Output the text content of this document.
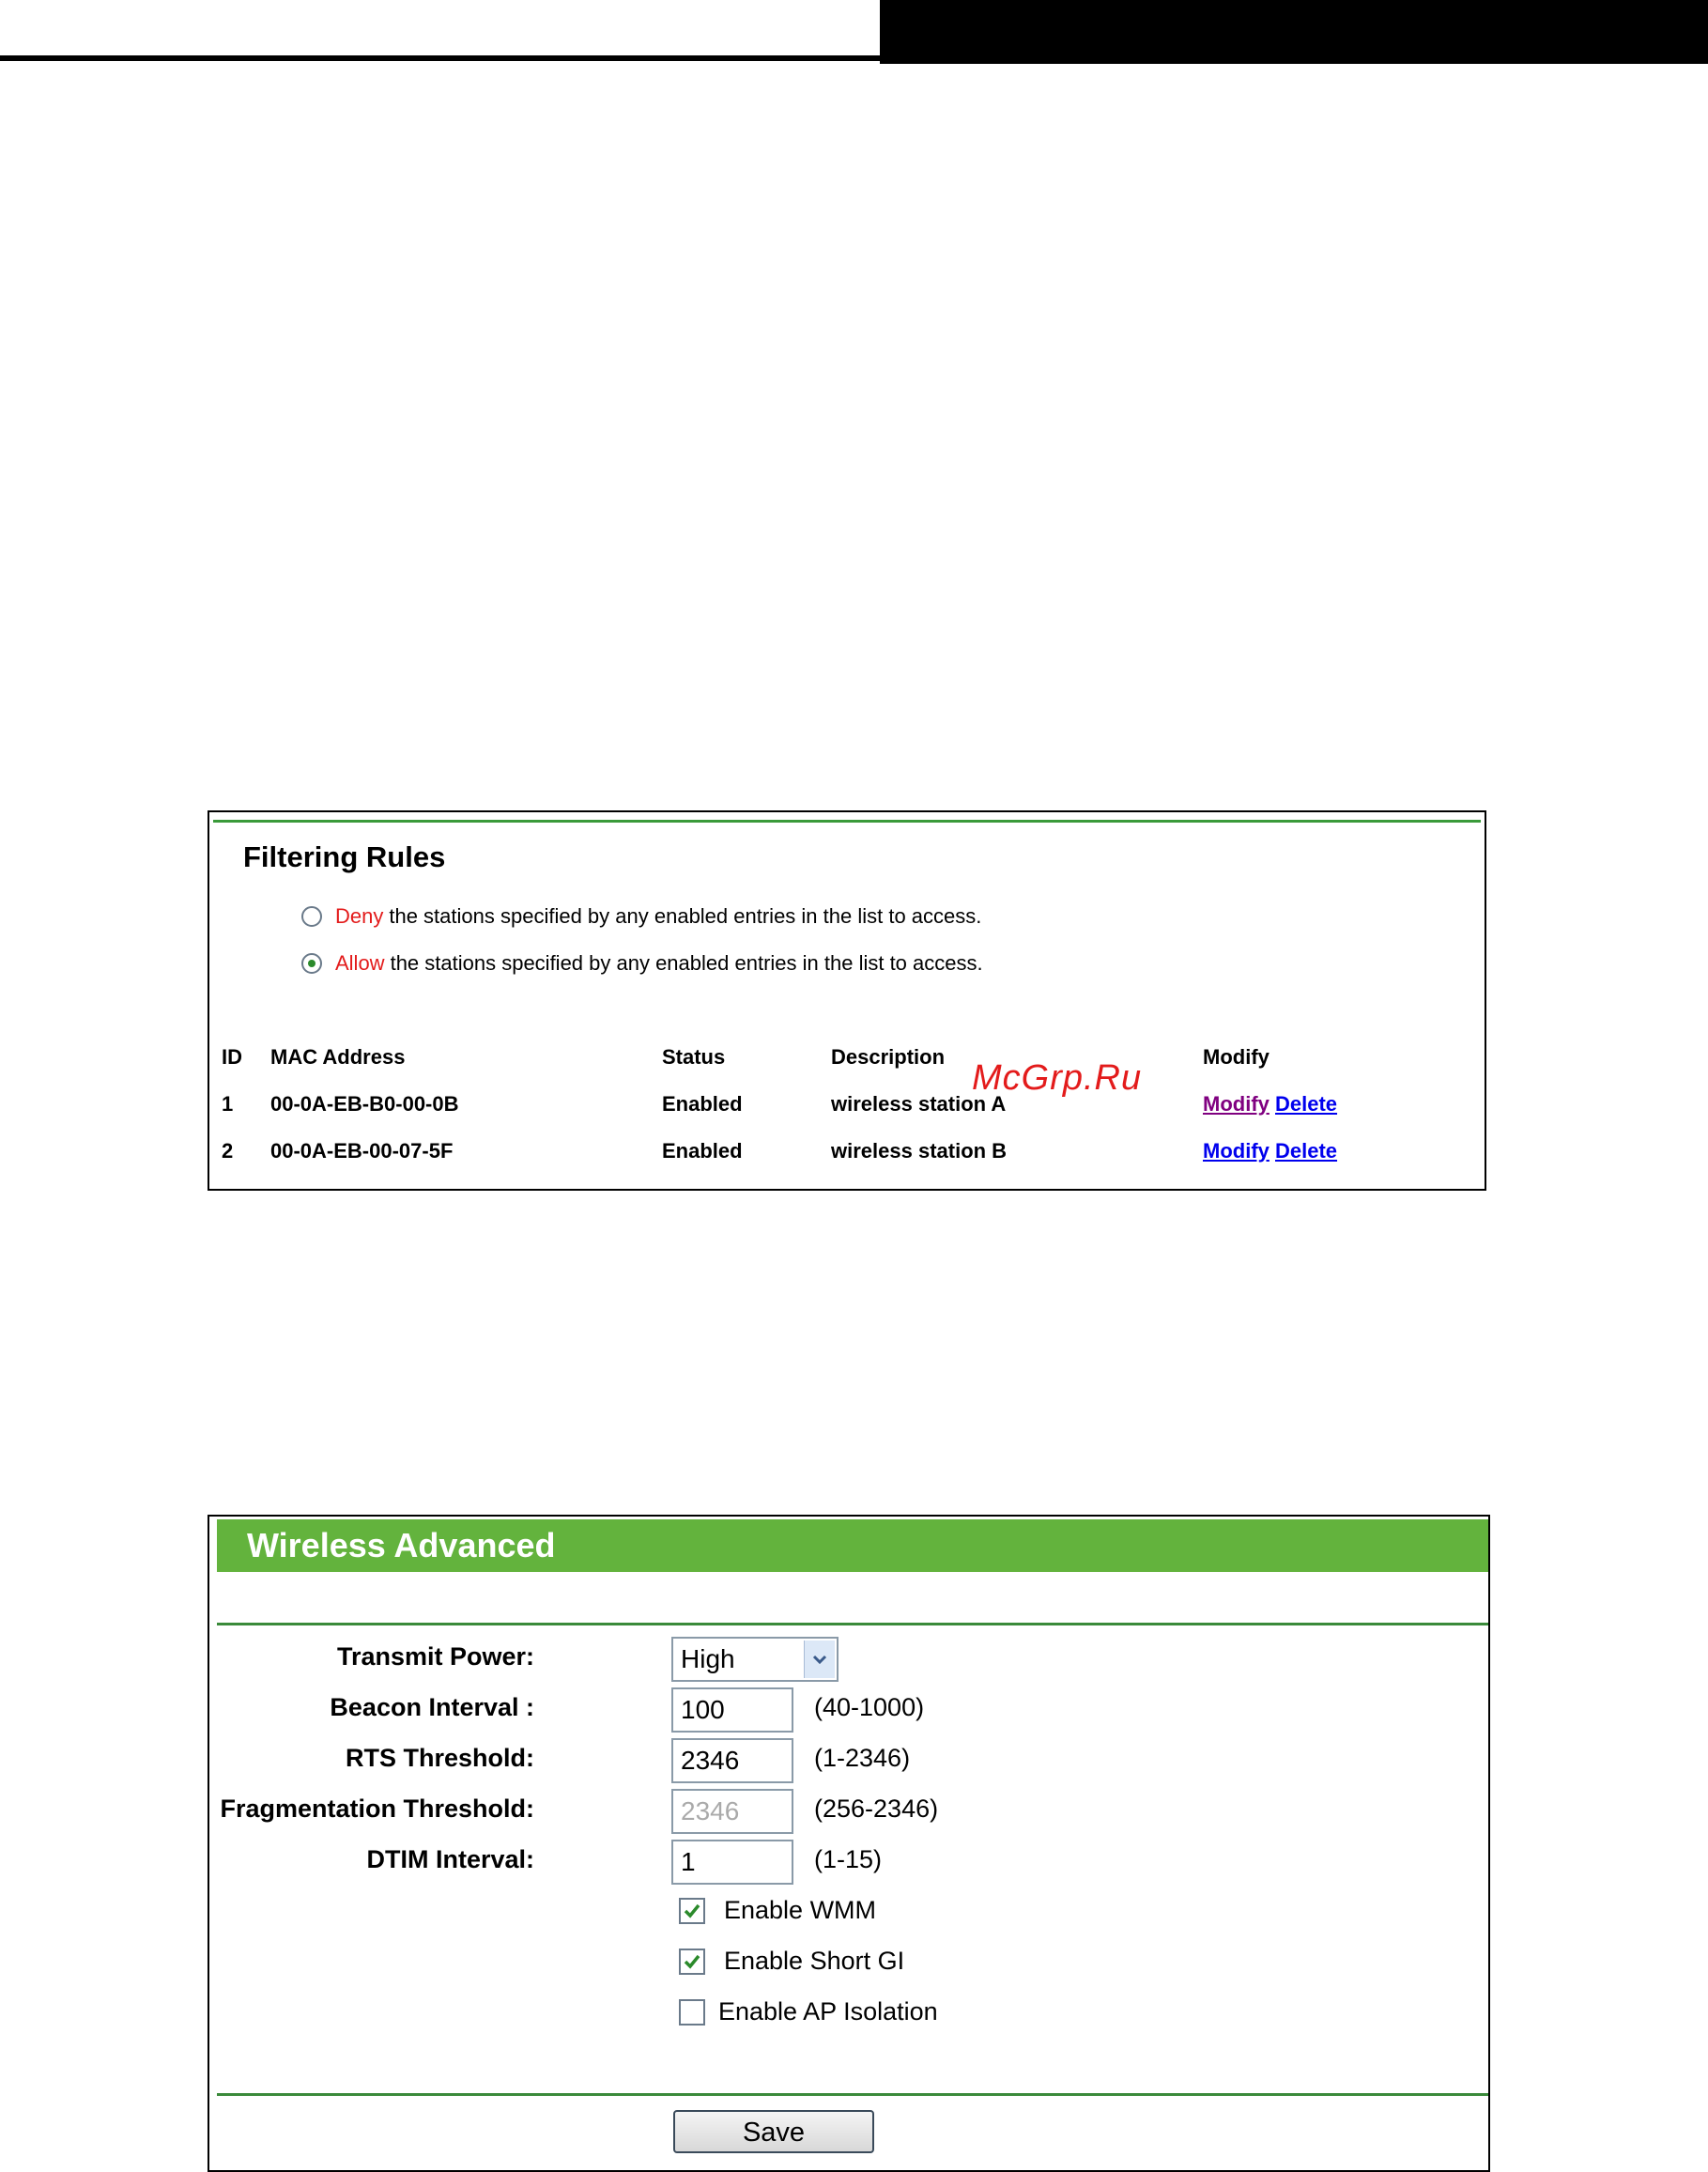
Filtering Rules
Deny the stations specified by any enabled entries in the list to access.
Allow the stations specified by any enabled entries in the list to access.
ID MAC Address	Status	Description	Modify
1 00-0A-EB-B0-00-0B	Enabled	wireless station A	Modify Delete
2 00-0A-EB-00-07-5F	Enabled	wireless station B	Modify Delete
McGrp.Ru
Wireless Advanced
Transmit Power:	High
Beacon Interval :	100	(40-1000)
RTS Threshold:	2346	(1-2346)
Fragmentation Threshold:	2346	(256-2346)
DTIM Interval:	1	(1-15)
Enable WMM
Enable Short GI
Enable AP Isolation
Save
